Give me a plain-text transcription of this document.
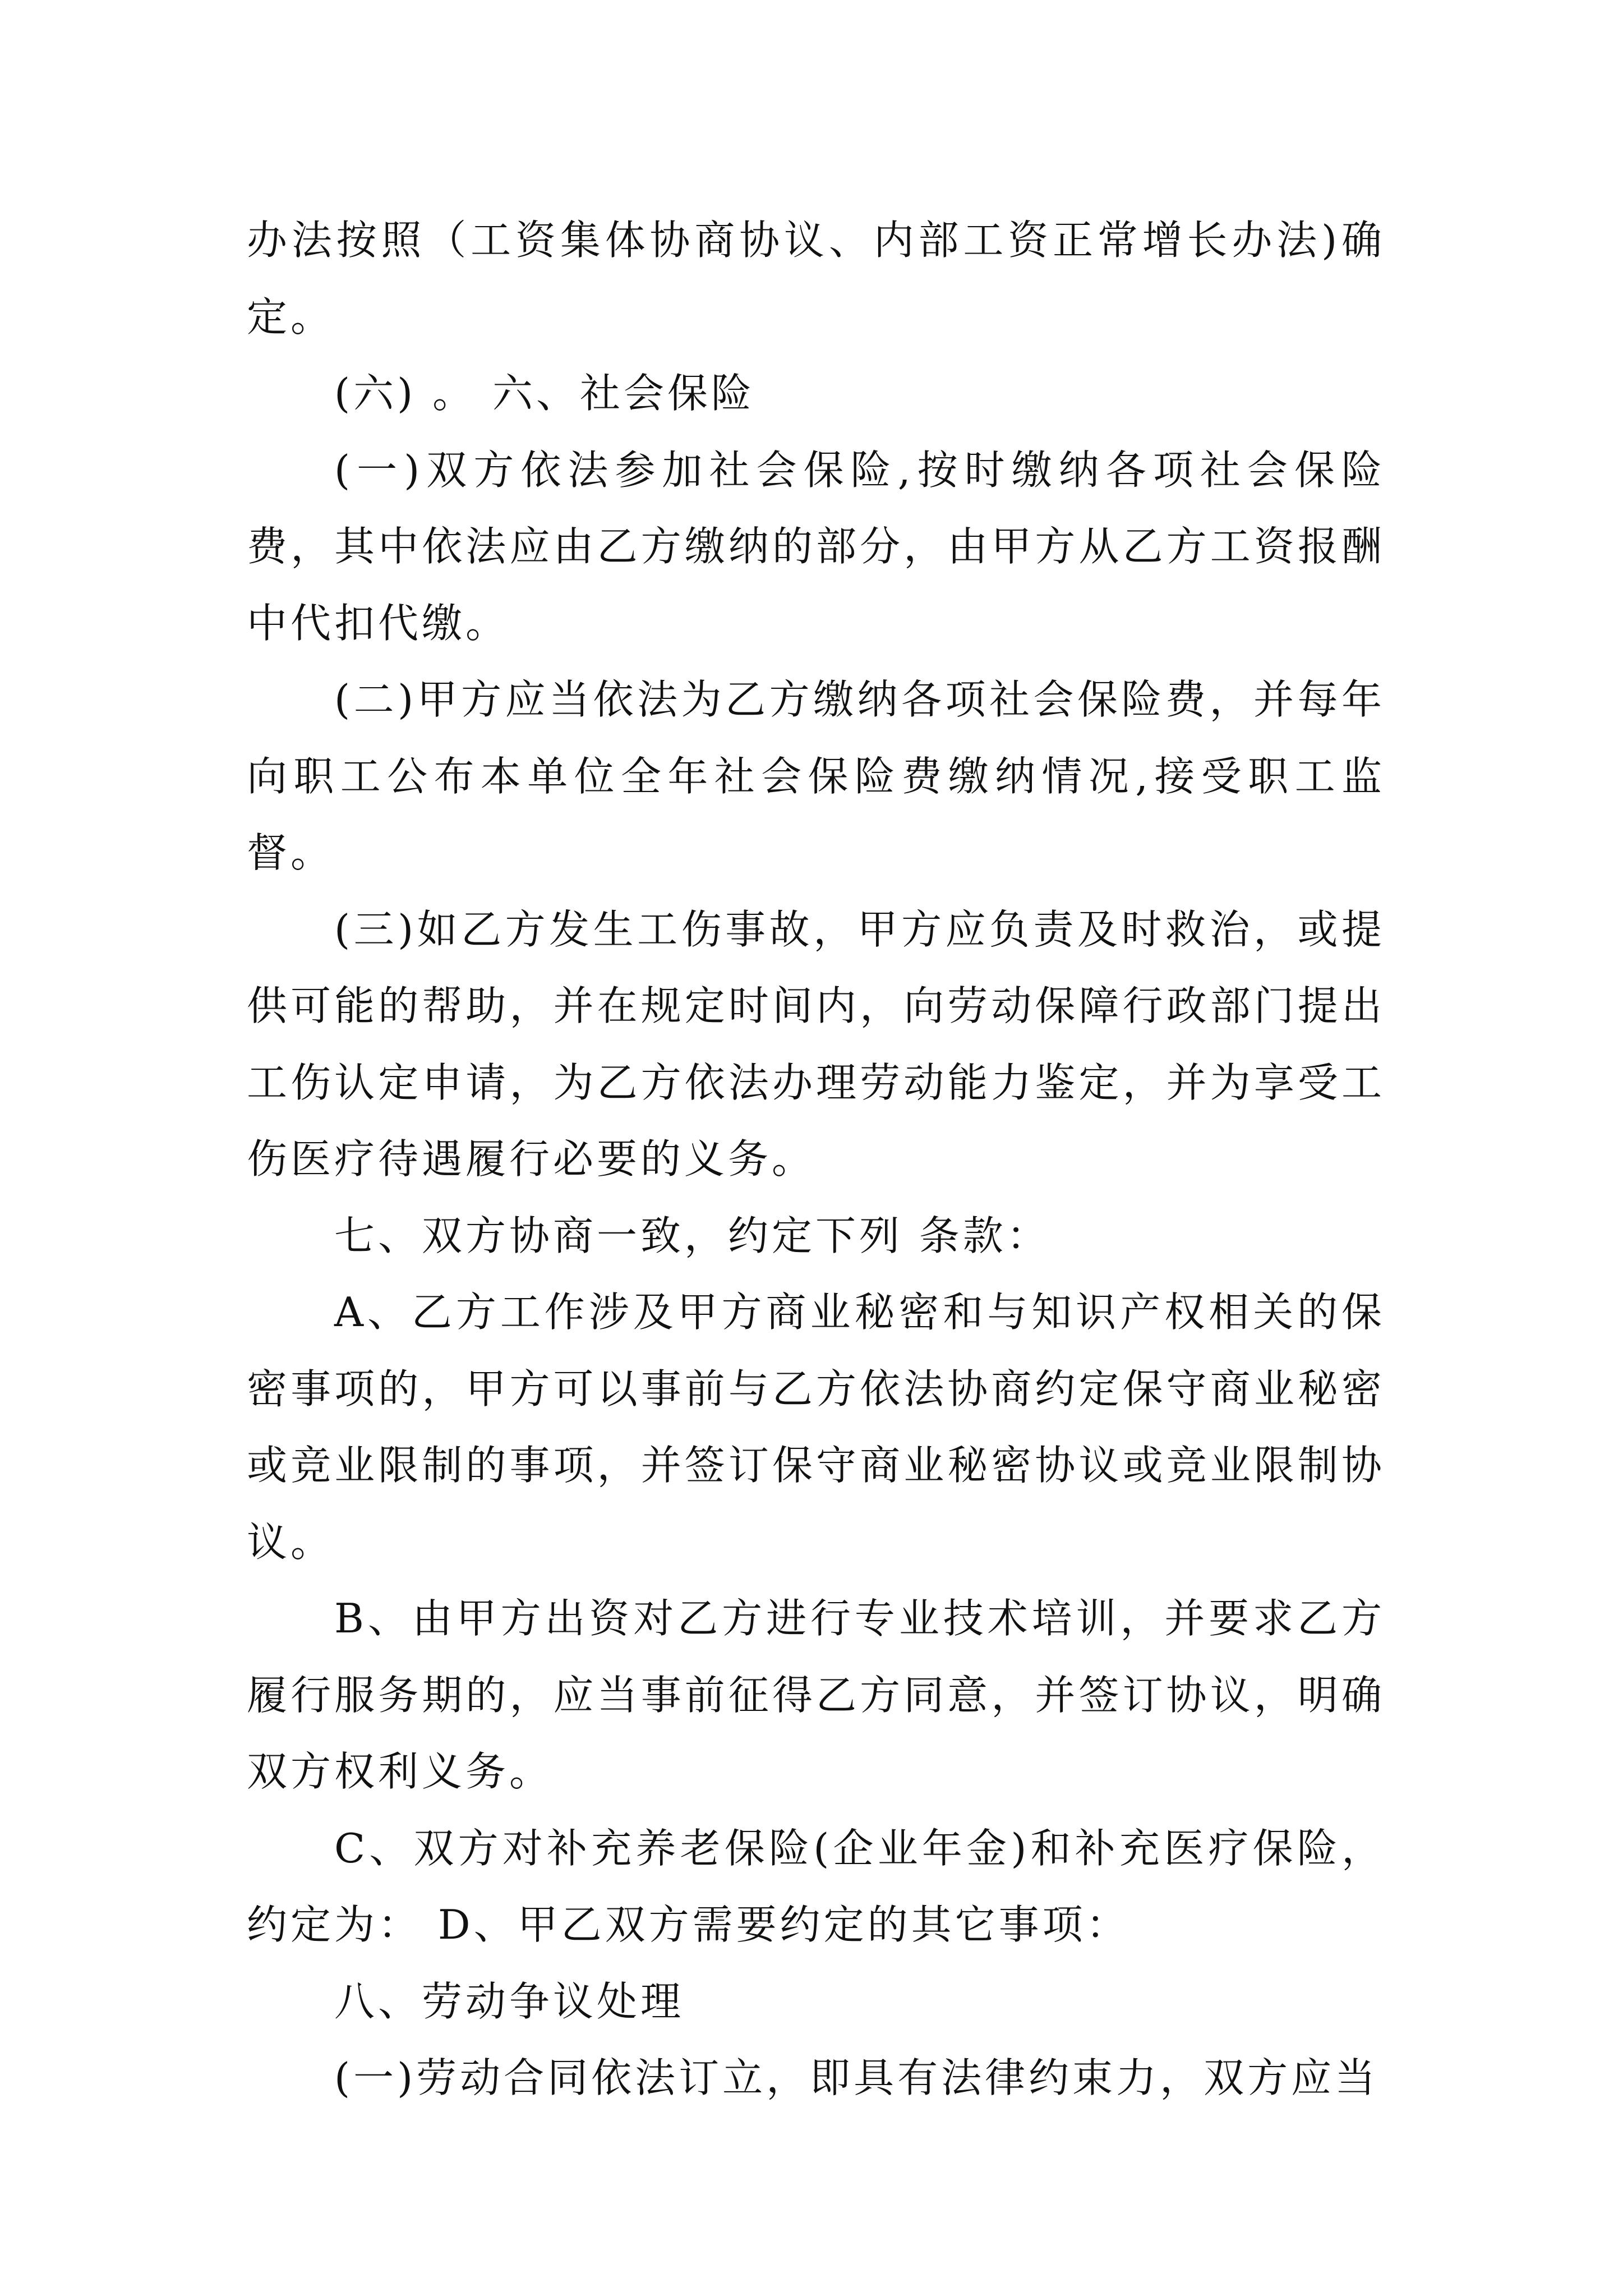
办法按照（工资集体协商协议、内部工资正常增长办法)确定。

(六) 。 六、社会保险

(一)双方依法参加社会保险,按时缴纳各项社会保险费，其中依法应由乙方缴纳的部分，由甲方从乙方工资报酬中代扣代缴。

(二)甲方应当依法为乙方缴纳各项社会保险费，并每年向职工公布本单位全年社会保险费缴纳情况,接受职工监督。

(三)如乙方发生工伤事故，甲方应负责及时救治，或提供可能的帮助，并在规定时间内，向劳动保障行政部门提出工伤认定申请，为乙方依法办理劳动能力鉴定，并为享受工伤医疗待遇履行必要的义务。

七、双方协商一致，约定下列 条款：

A、乙方工作涉及甲方商业秘密和与知识产权相关的保密事项的，甲方可以事前与乙方依法协商约定保守商业秘密或竞业限制的事项，并签订保守商业秘密协议或竞业限制协议。

B、由甲方出资对乙方进行专业技术培训，并要求乙方履行服务期的，应当事前征得乙方同意，并签订协议，明确双方权利义务。

C、双方对补充养老保险(企业年金)和补充医疗保险，约定为： D、甲乙双方需要约定的其它事项：

八、劳动争议处理

(一)劳动合同依法订立，即具有法律约束力，双方应当
